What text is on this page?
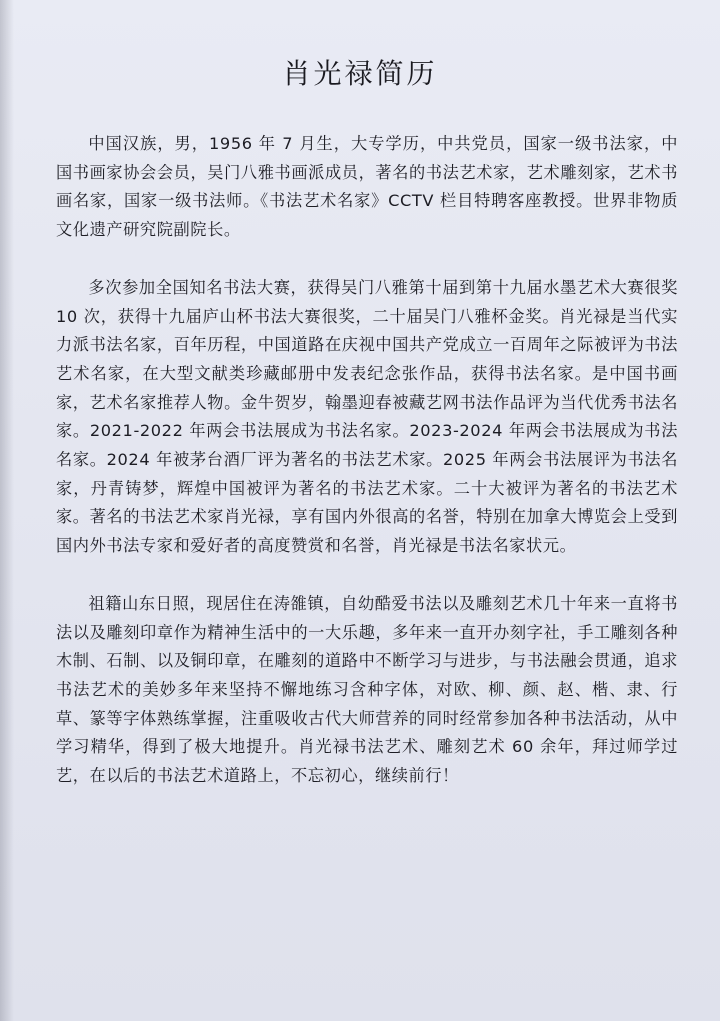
肖光禄简历

中国汉族，男，1956 年 7 月生，大专学历，中共党员，国家一级书法家，中国书画家协会会员，吴门八雅书画派成员，著名的书法艺术家，艺术雕刻家，艺术书画名家，国家一级书法师。《书法艺术名家》CCTV 栏目特聘客座教授。世界非物质文化遗产研究院副院长。

多次参加全国知名书法大赛，获得吴门八雅第十届到第十九届水墨艺术大赛很奖 10 次，获得十九届庐山杯书法大赛很奖，二十届吴门八雅杯金奖。肖光禄是当代实力派书法名家，百年历程，中国道路在庆视中国共产党成立一百周年之际被评为书法艺术名家，在大型文献类珍藏邮册中发表纪念张作品，获得书法名家。是中国书画家，艺术名家推荐人物。金牛贺岁，翰墨迎春被藏艺网书法作品评为当代优秀书法名家。2021-2022 年两会书法展成为书法名家。2023-2024 年两会书法展成为书法名家。2024 年被茅台酒厂评为著名的书法艺术家。2025 年两会书法展评为书法名家，丹青铸梦，辉煌中国被评为著名的书法艺术家。二十大被评为著名的书法艺术家。著名的书法艺术家肖光禄，享有国内外很高的名誉，特别在加拿大博览会上受到国内外书法专家和爱好者的高度赞赏和名誉，肖光禄是书法名家状元。

祖籍山东日照，现居住在涛雒镇，自幼酷爱书法以及雕刻艺术几十年来一直将书法以及雕刻印章作为精神生活中的一大乐趣，多年来一直开办刻字社，手工雕刻各种木制、石制、以及铜印章，在雕刻的道路中不断学习与进步，与书法融会贯通，追求书法艺术的美妙多年来坚持不懈地练习含种字体，对欧、柳、颜、赵、楷、隶、行草、篆等字体熟练掌握，注重吸收古代大师营养的同时经常参加各种书法活动，从中学习精华，得到了极大地提升。肖光禄书法艺术、雕刻艺术 60 余年，拜过师学过艺，在以后的书法艺术道路上，不忘初心，继续前行！
